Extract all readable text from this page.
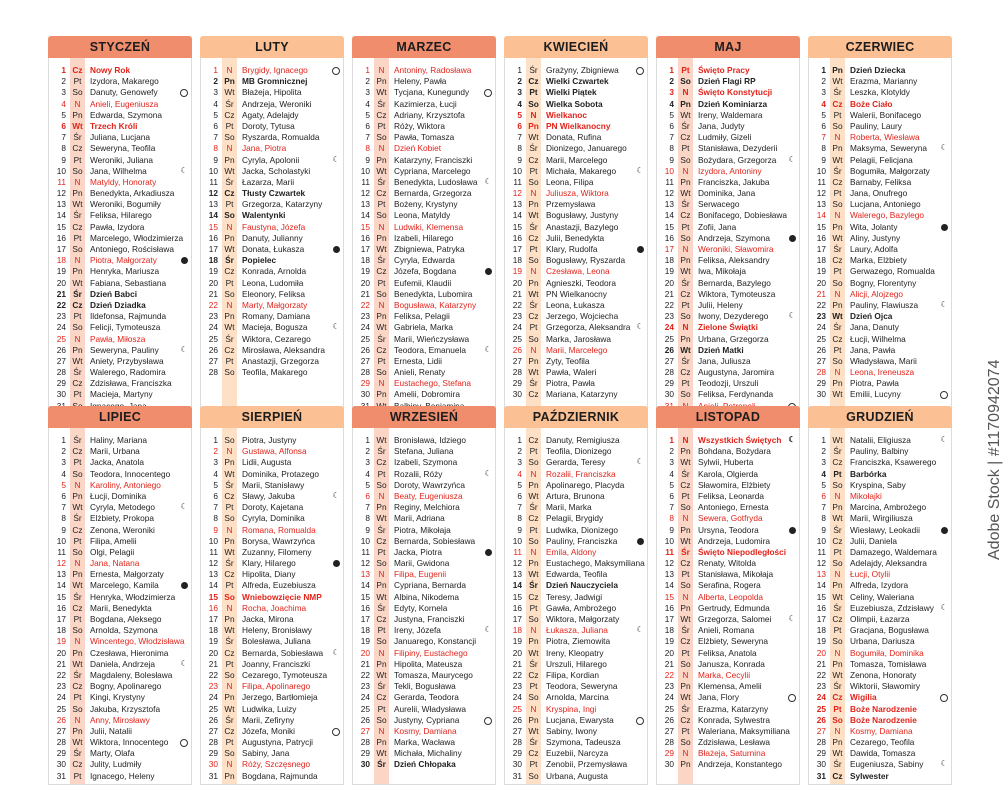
STYCZEŃ
1 Cz Nowy Rok
2 Pt	Izydora, Makarego
3 So Danuty, Genowefy
4	N	Anieli, Eugeniusza
5 Pn Edwarda, Szymona
6 Wt Trzech Króli
7 Śr	Juliana, Lucjana
8 Cz Seweryna, Teofila
9 Pt	Weroniki, Juliana
10 So Jana, Wilhelma	☾
11	N	Matyldy, Honoraty
12 Pn Benedykta, Arkadiusza
13 Wt Weroniki, Bogumiły
14 Śr	Feliksa, Hilarego
15 Cz Pawła, Izydora
16 Pt	Marcelego, Włodzimierza
17 So Antoniego, Rościsława
18	N	Piotra, Małgorzaty
19 Pn Henryka, Mariusza
20 Wt Fabiana, Sebastiana
21 Śr Dzień Babci
22 Cz Dzień Dziadka
23 Pt	Ildefonsa, Rajmunda
24 So Felicji, Tymoteusza
25	N	Pawła, Miłosza
26 Pn Seweryna, Pauliny	☾
27 Wt Aniety, Przybysława
28 Śr	Walerego, Radomira
29 Cz Zdzisława, Franciszka
30 Pt	Macieja, Martyny
LUTY
1	N	Brygidy, Ignacego
2 Pn MB Gromnicznej
3 Wt Błażeja, Hipolita
4 Śr	Andrzeja, Weroniki
5 Cz Agaty, Adelajdy
6 Pt	Doroty, Tytusa
7 So Ryszarda, Romualda
8	N	Jana, Piotra
9 Pn Cyryla, Apolonii	☾
10 Wt Jacka, Scholastyki
11 Śr	Łazarza, Marii
12 Cz Tłusty Czwartek
13 Pt	Grzegorza, Katarzyny
14 So Walentynki
15	N	Faustyna, Józefa
16 Pn Danuty, Julianny
17 Wt Donata, Łukasza
18 Śr Popielec
19 Cz Konrada, Arnolda
20 Pt	Leona, Ludomiła
21 So Eleonory, Feliksa
22	N	Marty, Małgorzaty
23 Pn Romany, Damiana
24 Wt Macieja, Bogusza	☾
25 Śr	Wiktora, Cezarego
26 Cz Mirosława, Aleksandra
27 Pt	Anastazji, Grzegorza
28 So Teofila, Makarego
MARZEC
1	N	Antoniny, Radosława
2 Pn Heleny, Pawła
3 Wt Tycjana, Kunegundy
4 Śr	Kazimierza, Łucji
5 Cz Adriany, Krzysztofa
6 Pt	Róży, Wiktora
7 So Pawła, Tomasza
8	N	Dzień Kobiet
9 Pn Katarzyny, Franciszki
10 Wt Cypriana, Marcelego
11 Śr	Benedykta, Ludosława ☾
12 Cz Bernarda, Grzegorza
13 Pt	Bożeny, Krystyny
14 So Leona, Matyldy
15	N	Ludwiki, Klemensa
16 Pn Izabeli, Hilarego
17 Wt Zbigniewa, Patryka
18 Śr	Cyryla, Edwarda
19 Cz Józefa, Bogdana
20 Pt	Eufemii, Klaudii
21 So Benedykta, Lubomira
22	N	Bogusława, Katarzyny
23 Pn Feliksa, Pelagii
24 Wt Gabriela, Marka
25 Śr	Marii, Wieńczysława
26 Cz Teodora, Emanuela	☾
27 Pt	Ernesta, Lidii
28 So Anieli, Renaty
29	N	Eustachego, Stefana
30 Pn Amelii, Dobromira
KWIECIEŃ
1 Śr	Grażyny, Zbigniewa
2 Cz Wielki Czwartek
3 Pt	Wielki Piątek
4 So Wielka Sobota
5	N	Wielkanoc
6 Pn PN Wielkanocny
7 Wt Donata, Rufina
8 Śr	Dionizego, Januarego
9 Cz Marii, Marcelego
10 Pt	Michała, Makarego	☾
11 So Leona, Filipa
12	N	Juliusza, Wiktora
13 Pn Przemysława
14 Wt Bogusławy, Justyny
15 Śr	Anastazji, Bazylego
16 Cz Julii, Benedykta
17 Pt	Klary, Rudolfa
18 So Bogusławy, Ryszarda
19	N	Czesława, Leona
20 Pn Agnieszki, Teodora
21 Wt PN Wielkanocny
22 Śr	Leona, Łukasza
23 Cz Jerzego, Wojciecha
24 Pt	Grzegorza, Aleksandra ☾
25 So Marka, Jarosława
26	N	Marii, Marcelego
27 Pn Zyty, Teofila
28 Wt Pawła, Waleri
29 Śr	Piotra, Pawła
30 Cz Mariana, Katarzyny
MAJ
1 Pt	Święto Pracy
2 So Dzień Flagi RP
3	N	Święto Konstytucji
4 Pn Dzień Kominiarza
5 Wt Ireny, Waldemara
6 Śr	Jana, Judyty
7 Cz Ludmiły, Gizeli
8 Pt	Stanisława, Dezyderii
9 So Bożydara, Grzegorza	☾
10	N	Izydora, Antoniny
11 Pn Franciszka, Jakuba
12 Wt Dominika, Jana
13 Śr	Serwacego
14 Cz Bonifacego, Dobiesława
15 Pt	Zofii, Jana
16 So Andrzeja, Szymona
17	N	Weroniki, Sławomira
18 Pn Feliksa, Aleksandry
19 Wt Iwa, Mikołaja
20 Śr	Bernarda, Bazylego
21 Cz Wiktora, Tymoteusza
22 Pt	Julii, Heleny
23 So Iwony, Dezyderego	☾
24	N	Zielone Świątki
25 Pn Urbana, Grzegorza
26 Wt Dzień Matki
27 Śr	Jana, Juliusza
28 Cz Augustyna, Jaromira
29 Pt	Teodozji, Urszuli
30 So Feliksa, Ferdynanda
CZERWIEC
1 Pn Dzień Dziecka
2 Wt Erazma, Marianny
3 Śr	Leszka, Klotyldy
4 Cz Boże Ciało
5 Pt	Walerii, Bonifacego
6 So Pauliny, Laury
7	N	Roberta, Wiesława
8 Pn Maksyma, Seweryna	☾
9 Wt Pelagii, Felicjana
10 Śr	Bogumiła, Małgorzaty
11 Cz Barnaby, Feliksa
12 Pt	Jana, Onufrego
13 So Lucjana, Antoniego
14	N	Walerego, Bazylego
15 Pn Wita, Jolanty
16 Wt Aliny, Justyny
17 Śr	Laury, Adolfa
18 Cz Marka, Elżbiety
19 Pt	Gerwazego, Romualda
20 So Bogny, Florentyny
21	N	Alicji, Alojzego
22 Pn Pauliny, Flawiusza	☾
23 Wt Dzień Ojca
24 Śr	Jana, Danuty
25 Cz Łucji, Wilhelma
26 Pt	Jana, Pawła
27 So Władysława, Marii
28	N	Leona, Ireneusza
29 Pn Piotra, Pawła
30 Wt Emilii, Lucyny
LIPIEC
1 Śr	Haliny, Mariana
2 Cz Marii, Urbana
3 Pt	Jacka, Anatola
4 So Teodora, Innocentego
5	N	Karoliny, Antoniego
6 Pn Łucji, Dominika
7 Wt Cyryla, Metodego	☾
8 Śr	Elżbiety, Prokopa
9 Cz Zenona, Weroniki
10 Pt	Filipa, Amelii
11 So Olgi, Pelagii
12	N	Jana, Natana
13 Pn Ernesta, Małgorzaty
14 Wt Marcelego, Kamila
15 Śr	Henryka, Włodzimierza
16 Cz Marii, Benedykta
17 Pt	Bogdana, Aleksego
18 So Arnolda, Szymona
19	N	Wincentego, Włodzisława
20 Pn Czesława, Hieronima
21 Wt Daniela, Andrzeja	☾
22 Śr	Magdaleny, Bolesława
23 Cz Bogny, Apolinarego
24 Pt	Kingi, Krystyny
25 So Jakuba, Krzysztofa
26	N	Anny, Mirosławy
27 Pn Julii, Natalii
28 Wt Wiktora, Innocentego
29 Śr	Marty, Olafa
30 Cz Julity, Ludmiły
31 Pt	Ignacego, Heleny
SIERPIEŃ
1 So Piotra, Justyny
2	N	Gustawa, Alfonsa
3 Pn Lidii, Augusta
4 Wt Dominika, Protazego
5 Śr	Marii, Stanisławy
6 Cz Sławy, Jakuba	☾
7 Pt	Doroty, Kajetana
8 So Cyryla, Dominika
9	N	Romana, Romualda
10 Pn Borysa, Wawrzyńca
11 Wt Zuzanny, Filomeny
12 Śr	Klary, Hilarego
13 Cz Hipolita, Diany
14 Pt	Alfreda, Euzebiusza
15 So Wniebowzięcie NMP
16	N	Rocha, Joachima
17 Pn Jacka, Mirona
18 Wt Heleny, Bronisławy
19 Śr	Bolesława, Juliana
20 Cz Bernarda, Sobiesława	☾
21 Pt	Joanny, Franciszki
22 So Cezarego, Tymoteusza
23	N	Filipa, Apolinarego
24 Pn Jerzego, Bartłomieja
25 Wt Ludwika, Luizy
26 Śr	Marii, Zefiryny
27 Cz Józefa, Moniki
28 Pt	Augustyna, Patrycji
29 So Sabiny, Jana
30	N	Róży, Szczęsnego
31 Pn Bogdana, Rajmunda
WRZESIEŃ
1 Wt Bronisława, Idziego
2 Śr	Stefana, Juliana
3 Cz Izabeli, Szymona
4 Pt	Rozalii, Róży	☾
5 So Doroty, Wawrzyńca
6	N	Beaty, Eugeniusza
7 Pn Reginy, Melchiora
8 Wt Marii, Adriana
9 Śr	Piotra, Mikołaja
10 Cz Bernarda, Sobiesława
11 Pt	Jacka, Piotra
12 So Marii, Gwidona
13	N	Filipa, Eugenii
14 Pn Cypriana, Bernarda
15 Wt Albina, Nikodema
16 Śr	Edyty, Kornela
17 Cz Justyna, Franciszki
18 Pt	Ireny, Józefa	☾
19 So Januarego, Konstancji
20	N	Filipiny, Eustachego
21 Pn Hipolita, Mateusza
22 Wt Tomasza, Maurycego
23 Śr	Tekli, Bogusława
24 Cz Gerarda, Teodora
25 Pt	Aurelii, Władysława
26 So Justyny, Cypriana
27	N	Kosmy, Damiana
28 Pn Marka, Wacława
29 Wt Michała, Michaliny
30 Śr Dzień Chłopaka
PAŹDZIERNIK
1 Cz Danuty, Remigiusza
2 Pt	Teofila, Dionizego
3 So Gerarda, Teresy	☾
4	N	Rozalii, Franciszka
5 Pn Apolinarego, Placyda
6 Wt Artura, Brunona
7 Śr	Marii, Marka
8 Cz Pelagii, Brygidy
9 Pt	Ludwika, Dionizego
10 So Pauliny, Franciszka
11	N	Emila, Aldony
12 Pn Eustachego, Maksymiliana
13 Wt Edwarda, Teofila
14 Śr Dzień Nauczyciela
15 Cz Teresy, Jadwigi
16 Pt	Gawła, Ambrożego
17 So Wiktora, Małgorzaty
18	N	Łukasza, Juliana	☾
19 Pn Piotra, Ziemowita
20 Wt Ireny, Kleopatry
21 Śr	Urszuli, Hilarego
22 Cz Filipa, Kordian
23 Pt	Teodora, Seweryna
24 So Arnolda, Marcina
25	N	Kryspina, Ingi
26 Pn Lucjana, Ewarysta
27 Wt Sabiny, Iwony
28 Śr	Szymona, Tadeusza
29 Cz Euzebii, Narcyza
30 Pt	Zenobii, Przemysława
31 So Urbana, Augusta
LISTOPAD
1	N	Wszystkich Świętych ☾
2 Pn Bohdana, Bożydara
3 Wt Sylwii, Huberta
4 Śr	Karola, Olgierda
5 Cz Sławomira, Elżbiety
6 Pt	Feliksa, Leonarda
7 So Antoniego, Ernesta
8	N	Sewera, Gotfryda
9 Pn Ursyna, Teodora
10 Wt Andrzeja, Ludomira
11 Śr Święto Niepodległości
12 Cz Renaty, Witolda
13 Pt	Stanisława, Mikołaja
14 So Serafina, Rogera
15	N	Alberta, Leopolda
16 Pn Gertrudy, Edmunda
17 Wt Grzegorza, Salomei	☾
18 Śr	Anieli, Romana
19 Cz Elżbiety, Seweryna
20 Pt	Feliksa, Anatola
21 So Janusza, Konrada
22	N	Marka, Cecylii
23 Pn Klemensa, Amelii
24 Wt Jana, Flory
25 Śr	Erazma, Katarzyny
26 Cz Konrada, Sylwestra
27 Pt	Waleriana, Maksymiliana
28 So Zdzisława, Lesława
29	N	Błażeja, Saturnina
30 Pn Andrzeja, Konstantego
GRUDZIEŃ
1 Wt Natalii, Eligiusza	☾
2 Śr	Pauliny, Balbiny
3 Cz Franciszka, Ksawerego
4 Pt	Barbórka
5 So Kryspina, Saby
6	N	Mikołajki
7 Pn Marcina, Ambrożego
8 Wt Marii, Wirgiliusza
9 Śr	Wiesławy, Leokadii
10 Cz Julii, Daniela
11 Pt	Damazego, Waldemara
12 So Adelajdy, Aleksandra
13	N	Łucji, Otylii
14 Pn Alfreda, Izydora
15 Wt Celiny, Waleriana
16 Śr	Euzebiusza, Zdzisławy ☾
17 Cz Olimpii, Łazarza
18 Pt	Gracjana, Bogusława
19 So Urbana, Dariusza
20	N	Bogumiła, Dominika
21 Pn Tomasza, Tomisława
22 Wt Zenona, Honoraty
23 Śr	Wiktorii, Sławomiry
24 Cz Wigilia
25 Pt	Boże Narodzenie
26 So Boże Narodzenie
27	N	Kosmy, Damiana
28 Pn Cezarego, Teofila
29 Wt Dawida, Tomasza
30 Śr	Eugeniusza, Sabiny	☾
31 Cz Sylwester
Adobe Stock | #1170942074
